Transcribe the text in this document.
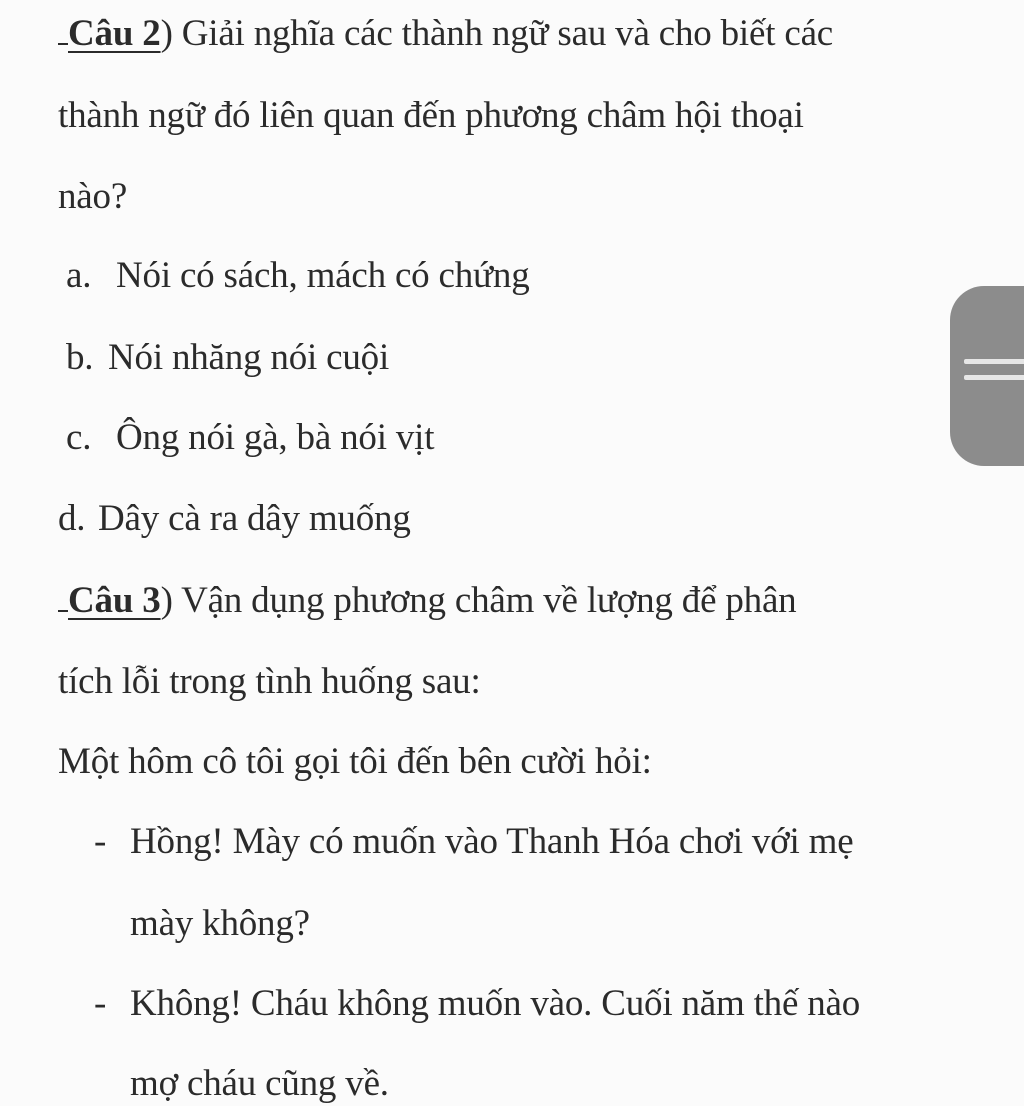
Câu 2) Giải nghĩa các thành ngữ sau và cho biết các
thành ngữ đó liên quan đến phương châm hội thoại
nào?
a. Nói có sách, mách có chứng
b. Nói nhăng nói cuội
c. Ông nói gà, bà nói vịt
d. Dây cà ra dây muống
Câu 3) Vận dụng phương châm về lượng để phân
tích lỗi trong tình huống sau:
Một hôm cô tôi gọi tôi đến bên cười hỏi:
- Hồng! Mày có muốn vào Thanh Hóa chơi với mẹ
mày không?
- Không! Cháu không muốn vào. Cuối năm thế nào
mợ cháu cũng về.
